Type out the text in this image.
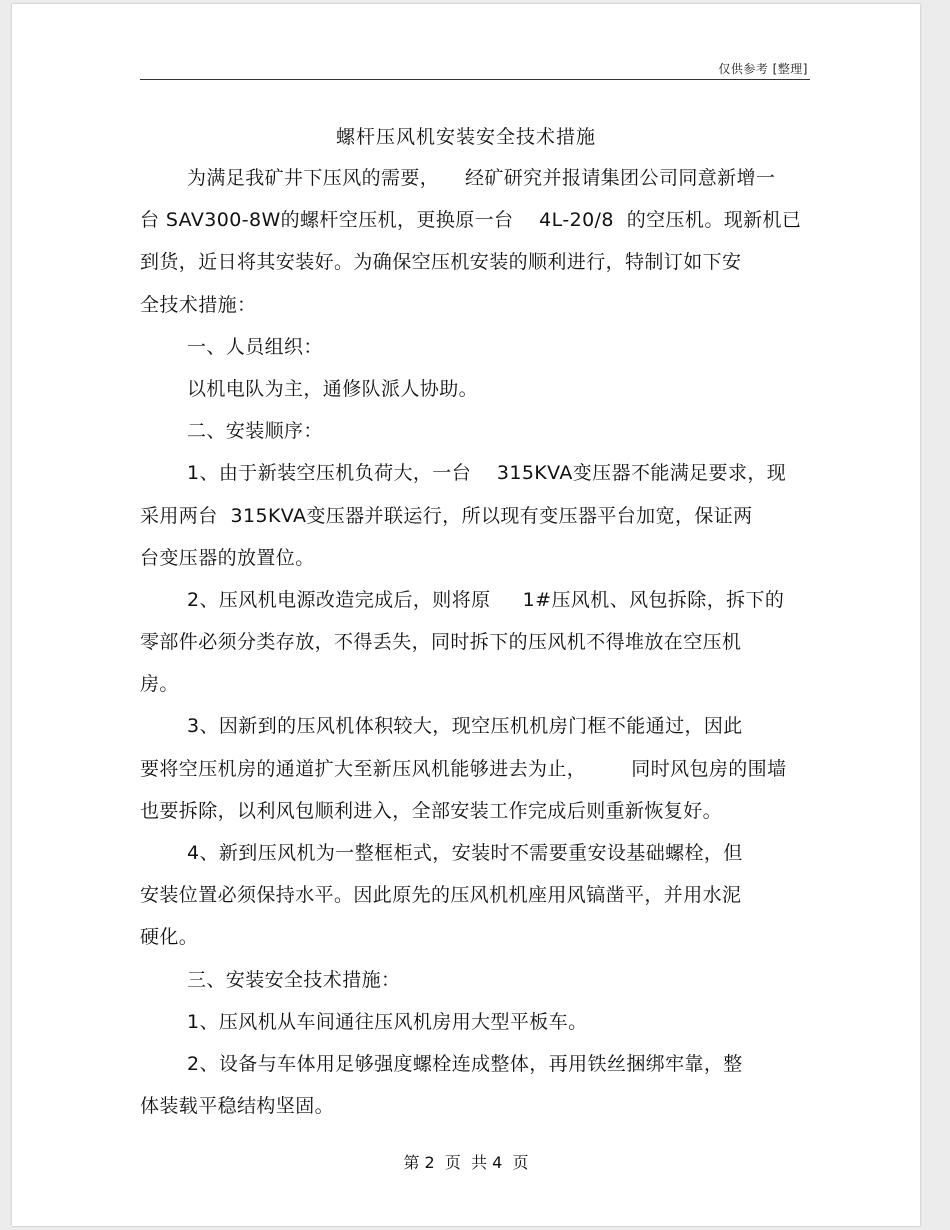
仅供参考 [整理]
螺杆压风机安装安全技术措施
为满足我矿井下压风的需要，    经矿研究并报请集团公司同意新增一
台 SAV300-8W的螺杆空压机，更换原一台    4L-20/8  的空压机。现新机已
到货，近日将其安装好。为确保空压机安装的顺利进行，特制订如下安
全技术措施：
一、人员组织：
以机电队为主，通修队派人协助。
二、安装顺序：
1、由于新装空压机负荷大，一台    315KVA变压器不能满足要求，现
采用两台  315KVA变压器并联运行，所以现有变压器平台加宽，保证两
台变压器的放置位。
2、压风机电源改造完成后，则将原     1#压风机、风包拆除，拆下的
零部件必须分类存放，不得丢失，同时拆下的压风机不得堆放在空压机
房。
3、因新到的压风机体积较大，现空压机机房门框不能通过，因此
要将空压机房的通道扩大至新压风机能够进去为止，       同时风包房的围墙
也要拆除，以利风包顺利进入，全部安装工作完成后则重新恢复好。
4、新到压风机为一整框柜式，安装时不需要重安设基础螺栓，但
安装位置必须保持水平。因此原先的压风机机座用风镐凿平，并用水泥
硬化。
三、安装安全技术措施：
1、压风机从车间通往压风机房用大型平板车。
2、设备与车体用足够强度螺栓连成整体，再用铁丝捆绑牢靠，整
体装载平稳结构坚固。
第 2  页  共 4  页
